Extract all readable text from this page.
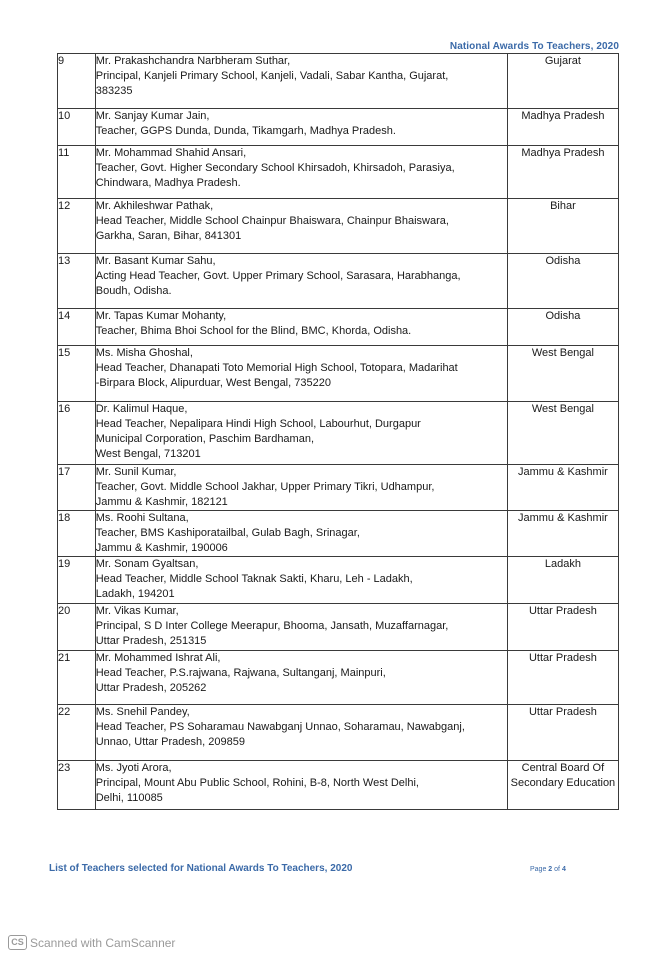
National Awards To Teachers, 2020
9	Mr. Prakashchandra Narbheram Suthar,
Principal, Kanjeli Primary School, Kanjeli, Vadali, Sabar Kantha, Gujarat,
383235	Gujarat
10	Mr. Sanjay Kumar Jain,
Teacher, GGPS Dunda, Dunda, Tikamgarh, Madhya Pradesh.	Madhya Pradesh
11	Mr. Mohammad Shahid Ansari,
Teacher, Govt. Higher Secondary School Khirsadoh, Khirsadoh, Parasiya,
Chindwara, Madhya Pradesh.	Madhya Pradesh
12	Mr. Akhileshwar Pathak,
Head Teacher, Middle School Chainpur Bhaiswara, Chainpur Bhaiswara,
Garkha, Saran, Bihar, 841301	Bihar
13	Mr. Basant Kumar Sahu,
Acting Head Teacher, Govt. Upper Primary School, Sarasara, Harabhanga,
Boudh, Odisha.	Odisha
14	Mr. Tapas Kumar Mohanty,
Teacher, Bhima Bhoi School for the Blind, BMC, Khorda, Odisha.	Odisha
15	Ms. Misha Ghoshal,
Head Teacher, Dhanapati Toto Memorial High School, Totopara, Madarihat
-Birpara Block, Alipurduar, West Bengal, 735220	West Bengal
16	Dr. Kalimul Haque,
Head Teacher, Nepalipara Hindi High School, Labourhut, Durgapur
Municipal Corporation, Paschim Bardhaman,
West Bengal, 713201	West Bengal
17	Mr. Sunil Kumar,
Teacher, Govt. Middle School Jakhar, Upper Primary Tikri, Udhampur,
Jammu & Kashmir, 182121	Jammu & Kashmir
18	Ms. Roohi Sultana,
Teacher, BMS Kashiporatailbal, Gulab Bagh, Srinagar,
Jammu & Kashmir, 190006	Jammu & Kashmir
19	Mr. Sonam Gyaltsan,
Head Teacher, Middle School Taknak Sakti, Kharu, Leh - Ladakh,
Ladakh, 194201	Ladakh
20	Mr. Vikas Kumar,
Principal, S D Inter College Meerapur, Bhooma, Jansath, Muzaffarnagar,
Uttar Pradesh, 251315	Uttar Pradesh
21	Mr. Mohammed Ishrat Ali,
Head Teacher, P.S.rajwana, Rajwana, Sultanganj, Mainpuri,
Uttar Pradesh, 205262	Uttar Pradesh
22	Ms. Snehil Pandey,
Head Teacher, PS Soharamau Nawabganj Unnao, Soharamau, Nawabganj,
Unnao, Uttar Pradesh, 209859	Uttar Pradesh
23	Ms. Jyoti Arora,
Principal, Mount Abu Public School, Rohini, B-8, North West Delhi,
Delhi, 110085	Central Board Of Secondary Education
List of Teachers selected for National Awards To Teachers, 2020	Page 2 of 4
CS Scanned with CamScanner
